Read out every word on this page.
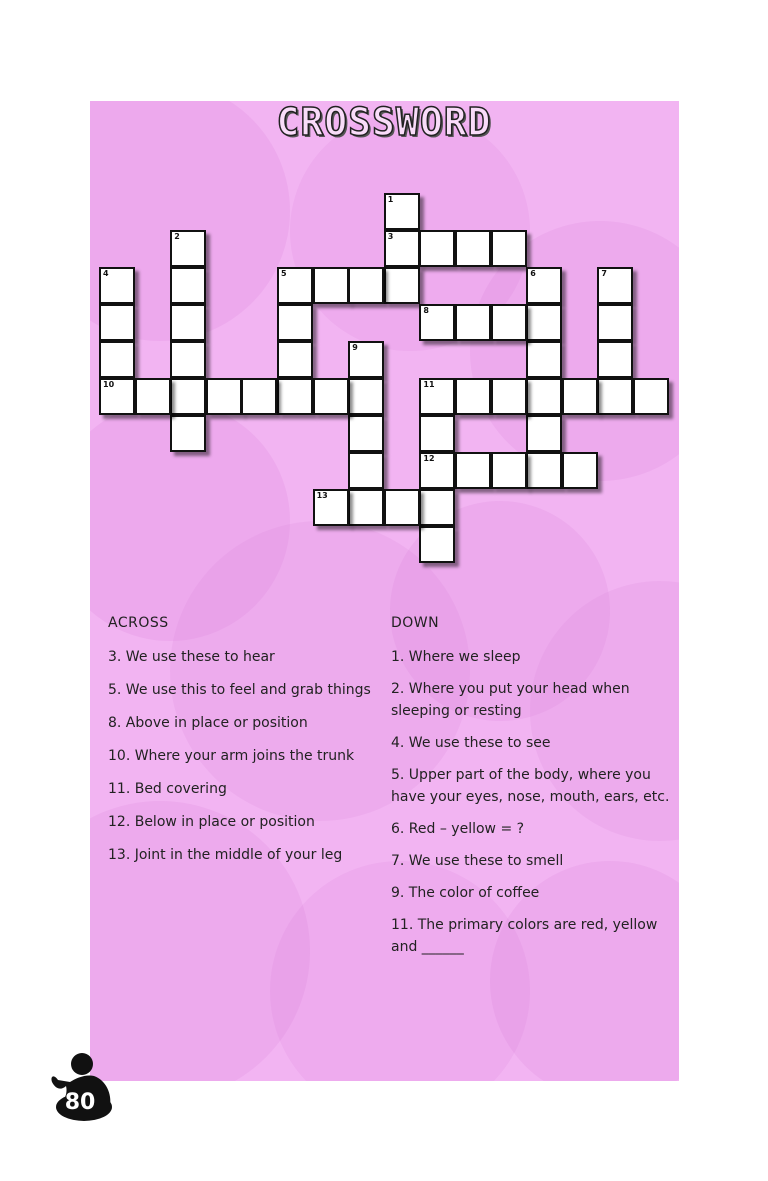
CROSSWORD
1
3
2
4
10
5	6	7
8
9
11
12
13
ACROSS
3. We use these to hear
5. We use this to feel and grab things
8. Above in place or position
10. Where your arm joins the trunk
11. Bed covering
12. Below in place or position
13. Joint in the middle of your leg
DOWN
1. Where we sleep
2. Where you put your head when sleeping or resting
4. We use these to see
5. Upper part of the body, where you have your eyes, nose, mouth, ears, etc.
6. Red – yellow = ?
7. We use these to smell
9. The color of coffee
11. The primary colors are red, yellow and ______
80
